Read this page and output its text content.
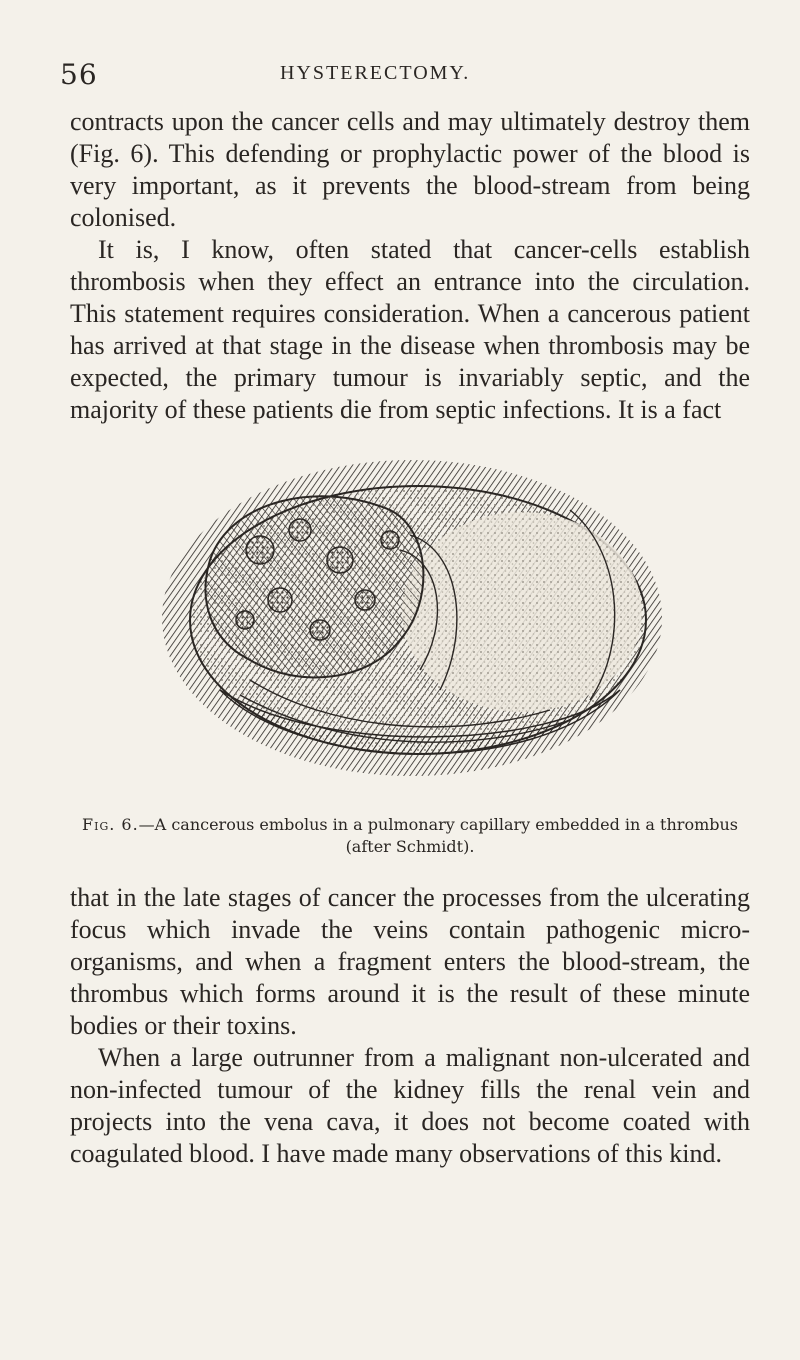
56	HYSTERECTOMY.

contracts upon the cancer cells and may ultimately destroy them (Fig. 6). This defending or prophylactic power of the blood is very important, as it prevents the blood-stream from being colonised.

It is, I know, often stated that cancer-cells establish thrombosis when they effect an entrance into the circulation. This statement requires consideration. When a cancerous patient has arrived at that stage in the disease when thrombosis may be expected, the primary tumour is invariably septic, and the majority of these patients die from septic infections. It is a fact

Fig. 6.—A cancerous embolus in a pulmonary capillary embedded in a thrombus (after Schmidt).

that in the late stages of cancer the processes from the ulcerating focus which invade the veins contain pathogenic micro-organisms, and when a fragment enters the blood-stream, the thrombus which forms around it is the result of these minute bodies or their toxins.

When a large outrunner from a malignant non-ulcerated and non-infected tumour of the kidney fills the renal vein and projects into the vena cava, it does not become coated with coagulated blood. I have made many observations of this kind.
